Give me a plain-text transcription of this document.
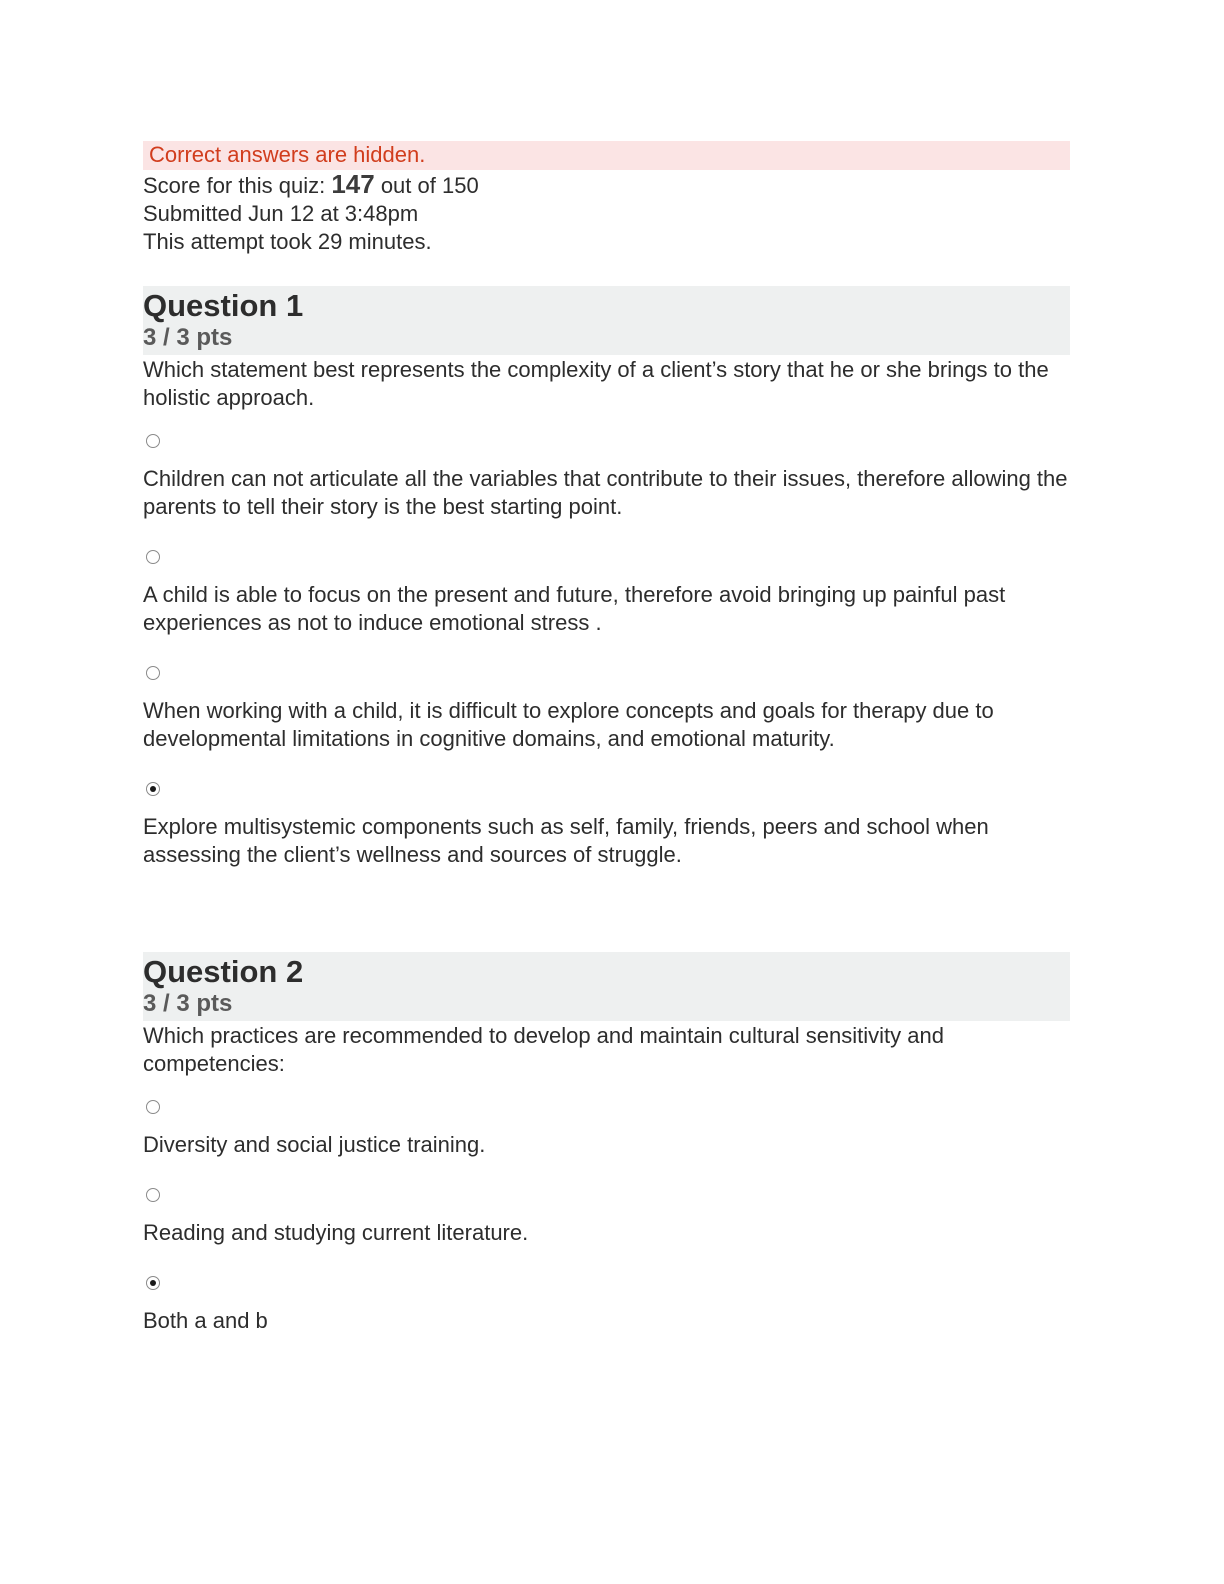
Correct answers are hidden.
Score for this quiz: 147 out of 150
Submitted Jun 12 at 3:48pm
This attempt took 29 minutes.
Question 1
3 / 3 pts
Which statement best represents the complexity of a client’s story that he or she brings to the holistic approach.
Children can not articulate all the variables that contribute to their issues, therefore allowing the parents to tell their story is the best starting point.
A child is able to focus on the present and future, therefore avoid bringing up painful past experiences as not to induce emotional stress .
When working with a child, it is difficult to explore concepts and goals for therapy due to developmental limitations in cognitive domains, and emotional maturity.
Explore multisystemic components such as self, family, friends, peers and school when assessing the client’s wellness and sources of struggle.
Question 2
3 / 3 pts
Which practices are recommended to develop and maintain cultural sensitivity and competencies:
Diversity and social justice training.
Reading and studying current literature.
Both a and b
